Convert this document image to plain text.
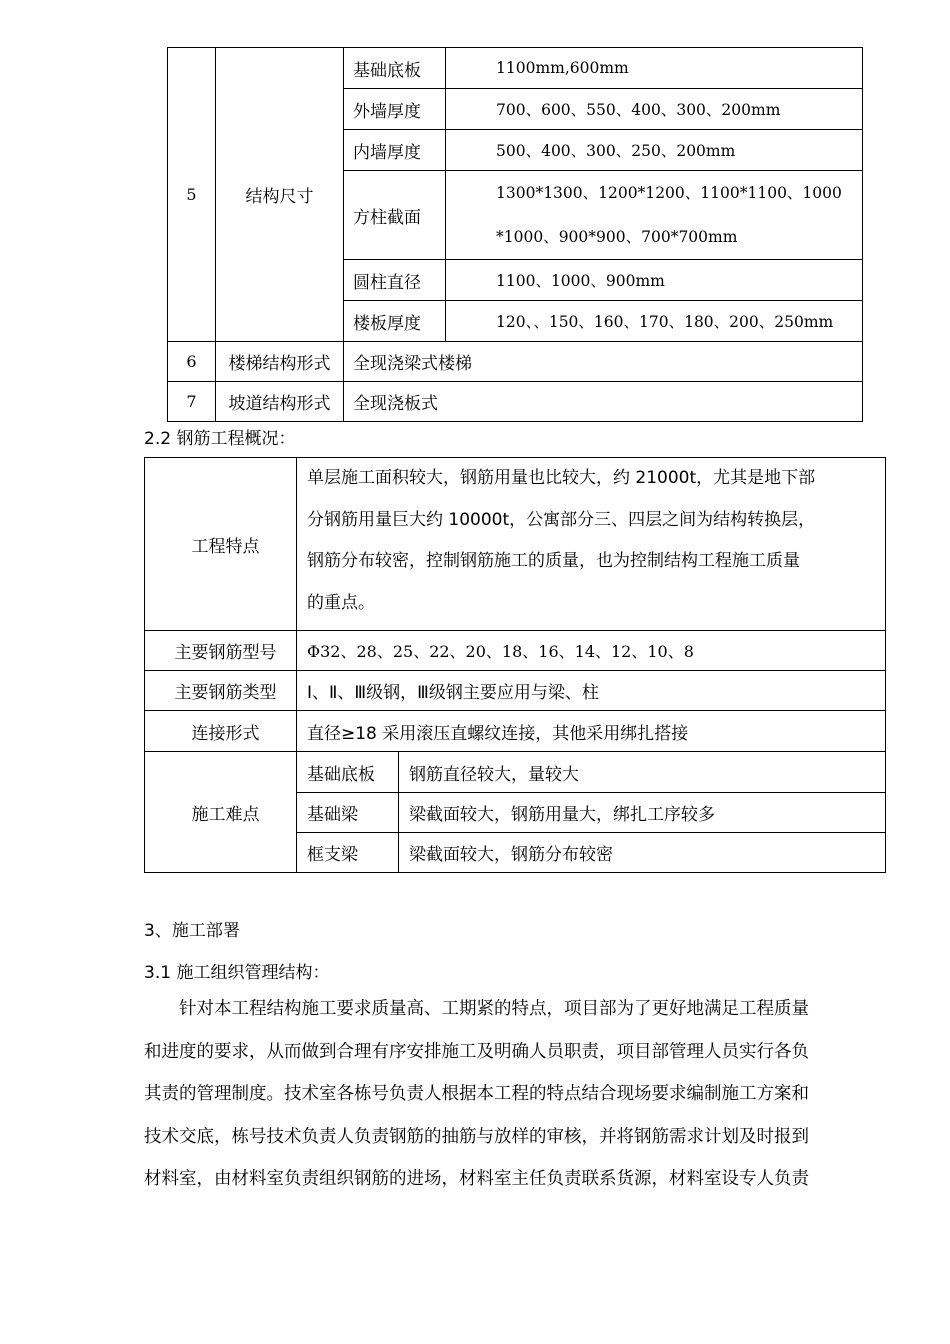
5	结构尺寸	基础底板	1100mm,600mm
		外墙厚度	700、600、550、400、300、200mm
		内墙厚度	500、400、300、250、200mm
		方柱截面	1300*1300、1200*1200、1100*1100、1000
*1000、900*900、700*700mm

		圆柱直径	1100、1000、900mm
		楼板厚度	120、、150、160、170、180、200、250mm

6	楼梯结构形式	全现浇梁式楼梯	
7	坡道结构形式	全现浇板式	
2.2 钢筋工程概况：
工程特点	单层施工面积较大，钢筋用量也比较大，约 21000t，尤其是地下部
分钢筋用量巨大约 10000t，公寓部分三、四层之间为结构转换层，
钢筋分布较密，控制钢筋施工的质量，也为控制结构工程施工质量
的重点。	

主要钢筋型号	Φ32、28、25、22、20、18、16、14、12、10、8	
主要钢筋类型	Ⅰ、Ⅱ、Ⅲ级钢，Ⅲ级钢主要应用与梁、柱	
连接形式	直径≥18 采用滚压直螺纹连接，其他采用绑扎搭接	
施工难点	基础底板	钢筋直径较大，量较大
	基础梁	梁截面较大，钢筋用量大，绑扎工序较多
	框支梁	梁截面较大，钢筋分布较密
3、施工部署
3.1 施工组织管理结构：
针对本工程结构施工要求质量高、工期紧的特点，项目部为了更好地满足工程质量
和进度的要求，从而做到合理有序安排施工及明确人员职责，项目部管理人员实行各负
其责的管理制度。技术室各栋号负责人根据本工程的特点结合现场要求编制施工方案和
技术交底，栋号技术负责人负责钢筋的抽筋与放样的审核，并将钢筋需求计划及时报到
材料室，由材料室负责组织钢筋的进场，材料室主任负责联系货源，材料室设专人负责
